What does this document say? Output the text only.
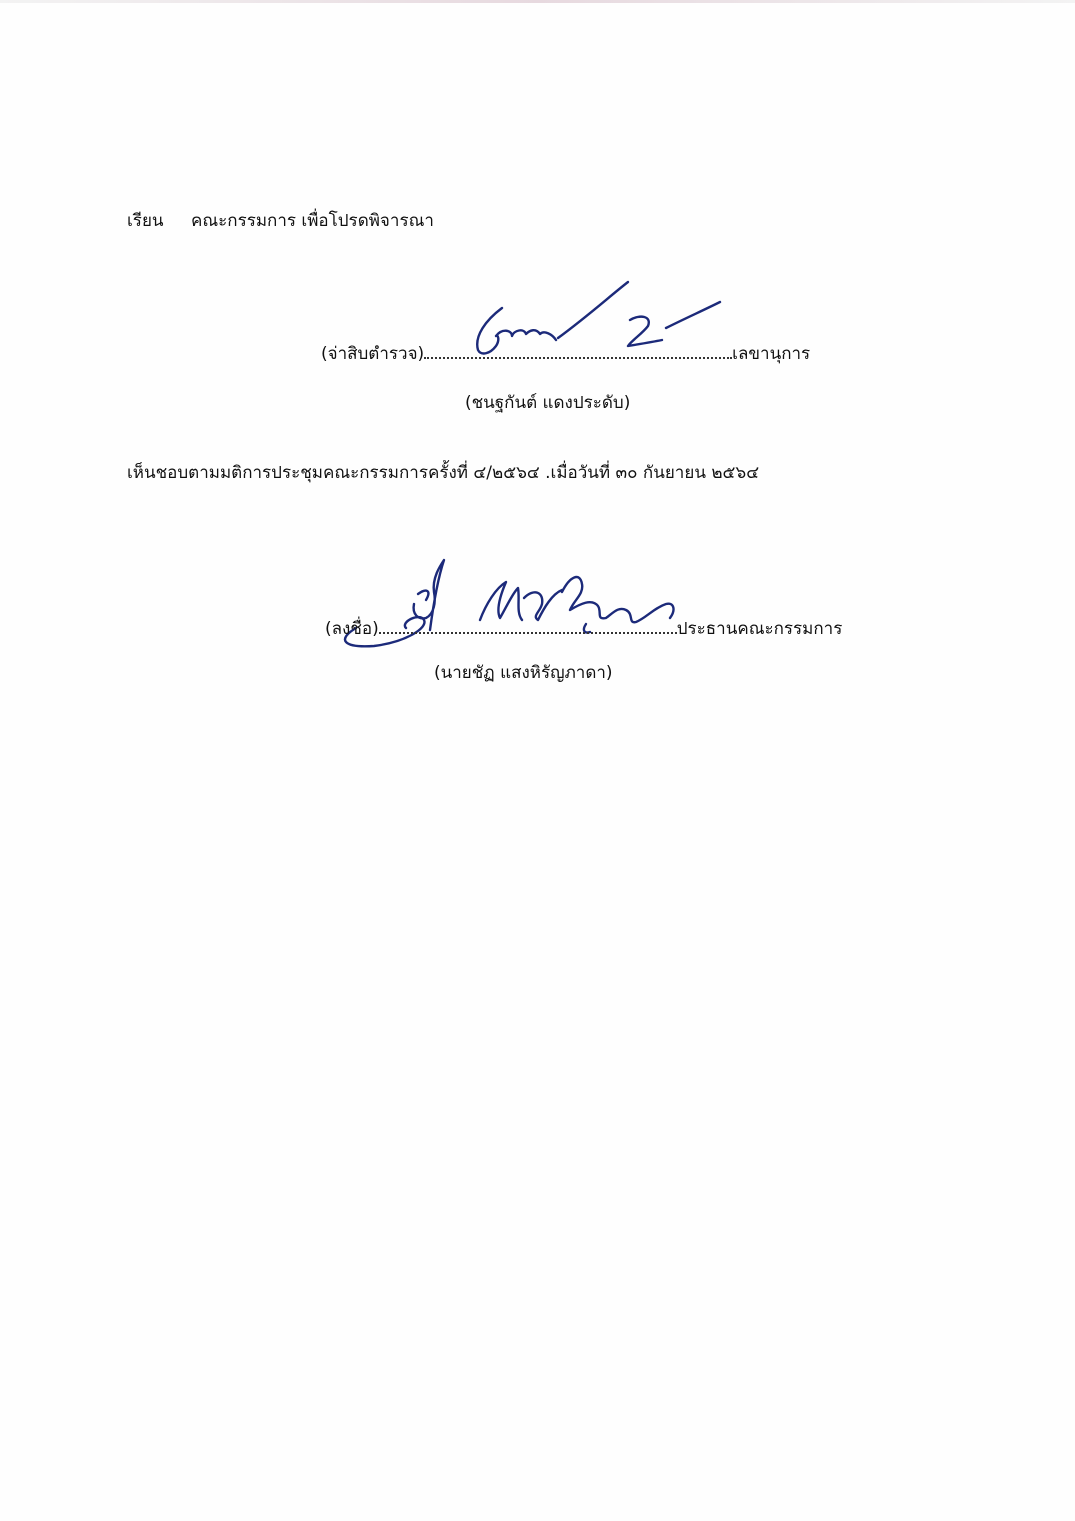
เรียน คณะกรรมการ เพื่อโปรดพิจารณา
(จ่าสิบตำรวจ)	เลขานุการ
(ชนฐกันต์ แดงประดับ)
เห็นชอบตามมติการประชุมคณะกรรมการครั้งที่ ๔/๒๕๖๔ .เมื่อวันที่ ๓๐ กันยายน ๒๕๖๔
(ลงชื่อ)	ประธานคณะกรรมการ
(นายชัฏ แสงหิรัญภาดา)
